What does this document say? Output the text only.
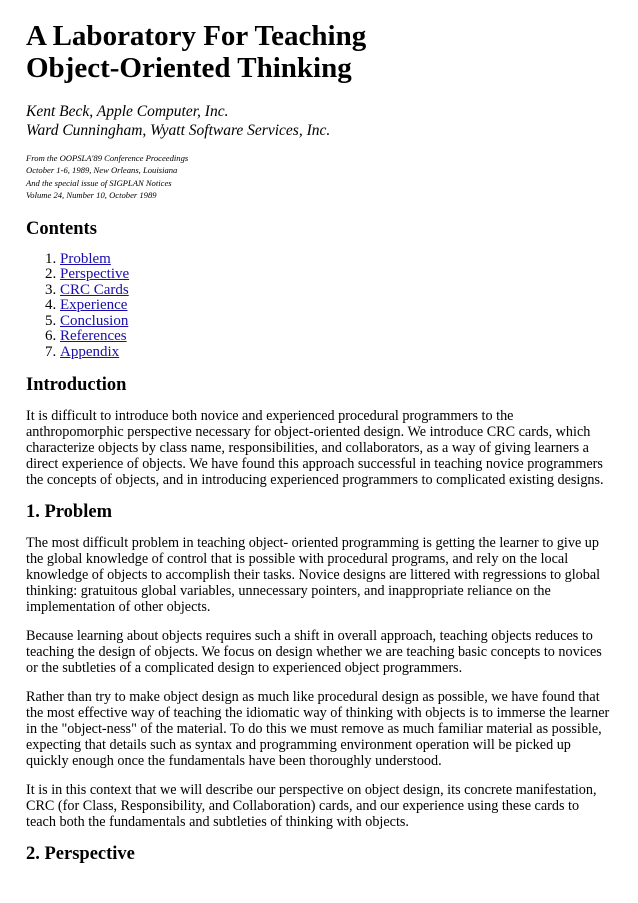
A Laboratory For Teaching
Object-Oriented Thinking
Kent Beck, Apple Computer, Inc.
Ward Cunningham, Wyatt Software Services, Inc.
From the OOPSLA'89 Conference Proceedings
October 1-6, 1989, New Orleans, Louisiana
And the special issue of SIGPLAN Notices
Volume 24, Number 10, October 1989
Contents
1. Problem
2. Perspective
3. CRC Cards
4. Experience
5. Conclusion
6. References
7. Appendix
Introduction

It is difficult to introduce both novice and experienced procedural programmers to the anthropomorphic perspective necessary for object-oriented design. We introduce CRC cards, which characterize objects by class name, responsibilities, and collaborators, as a way of giving learners a direct experience of objects. We have found this approach successful in teaching novice programmers the concepts of objects, and in introducing experienced programmers to complicated existing designs.

1. Problem

The most difficult problem in teaching object- oriented programming is getting the learner to give up the global knowledge of control that is possible with procedural programs, and rely on the local knowledge of objects to accomplish their tasks. Novice designs are littered with regressions to global thinking: gratuitous global variables, unnecessary pointers, and inappropriate reliance on the implementation of other objects.

Because learning about objects requires such a shift in overall approach, teaching objects reduces to teaching the design of objects. We focus on design whether we are teaching basic concepts to novices or the subtleties of a complicated design to experienced object programmers.

Rather than try to make object design as much like procedural design as possible, we have found that the most effective way of teaching the idiomatic way of thinking with objects is to immerse the learner in the "object-ness" of the material. To do this we must remove as much familiar material as possible, expecting that details such as syntax and programming environment operation will be picked up quickly enough once the fundamentals have been thoroughly understood.

It is in this context that we will describe our perspective on object design, its concrete manifestation, CRC (for Class, Responsibility, and Collaboration) cards, and our experience using these cards to teach both the fundamentals and subtleties of thinking with objects.

2. Perspective
